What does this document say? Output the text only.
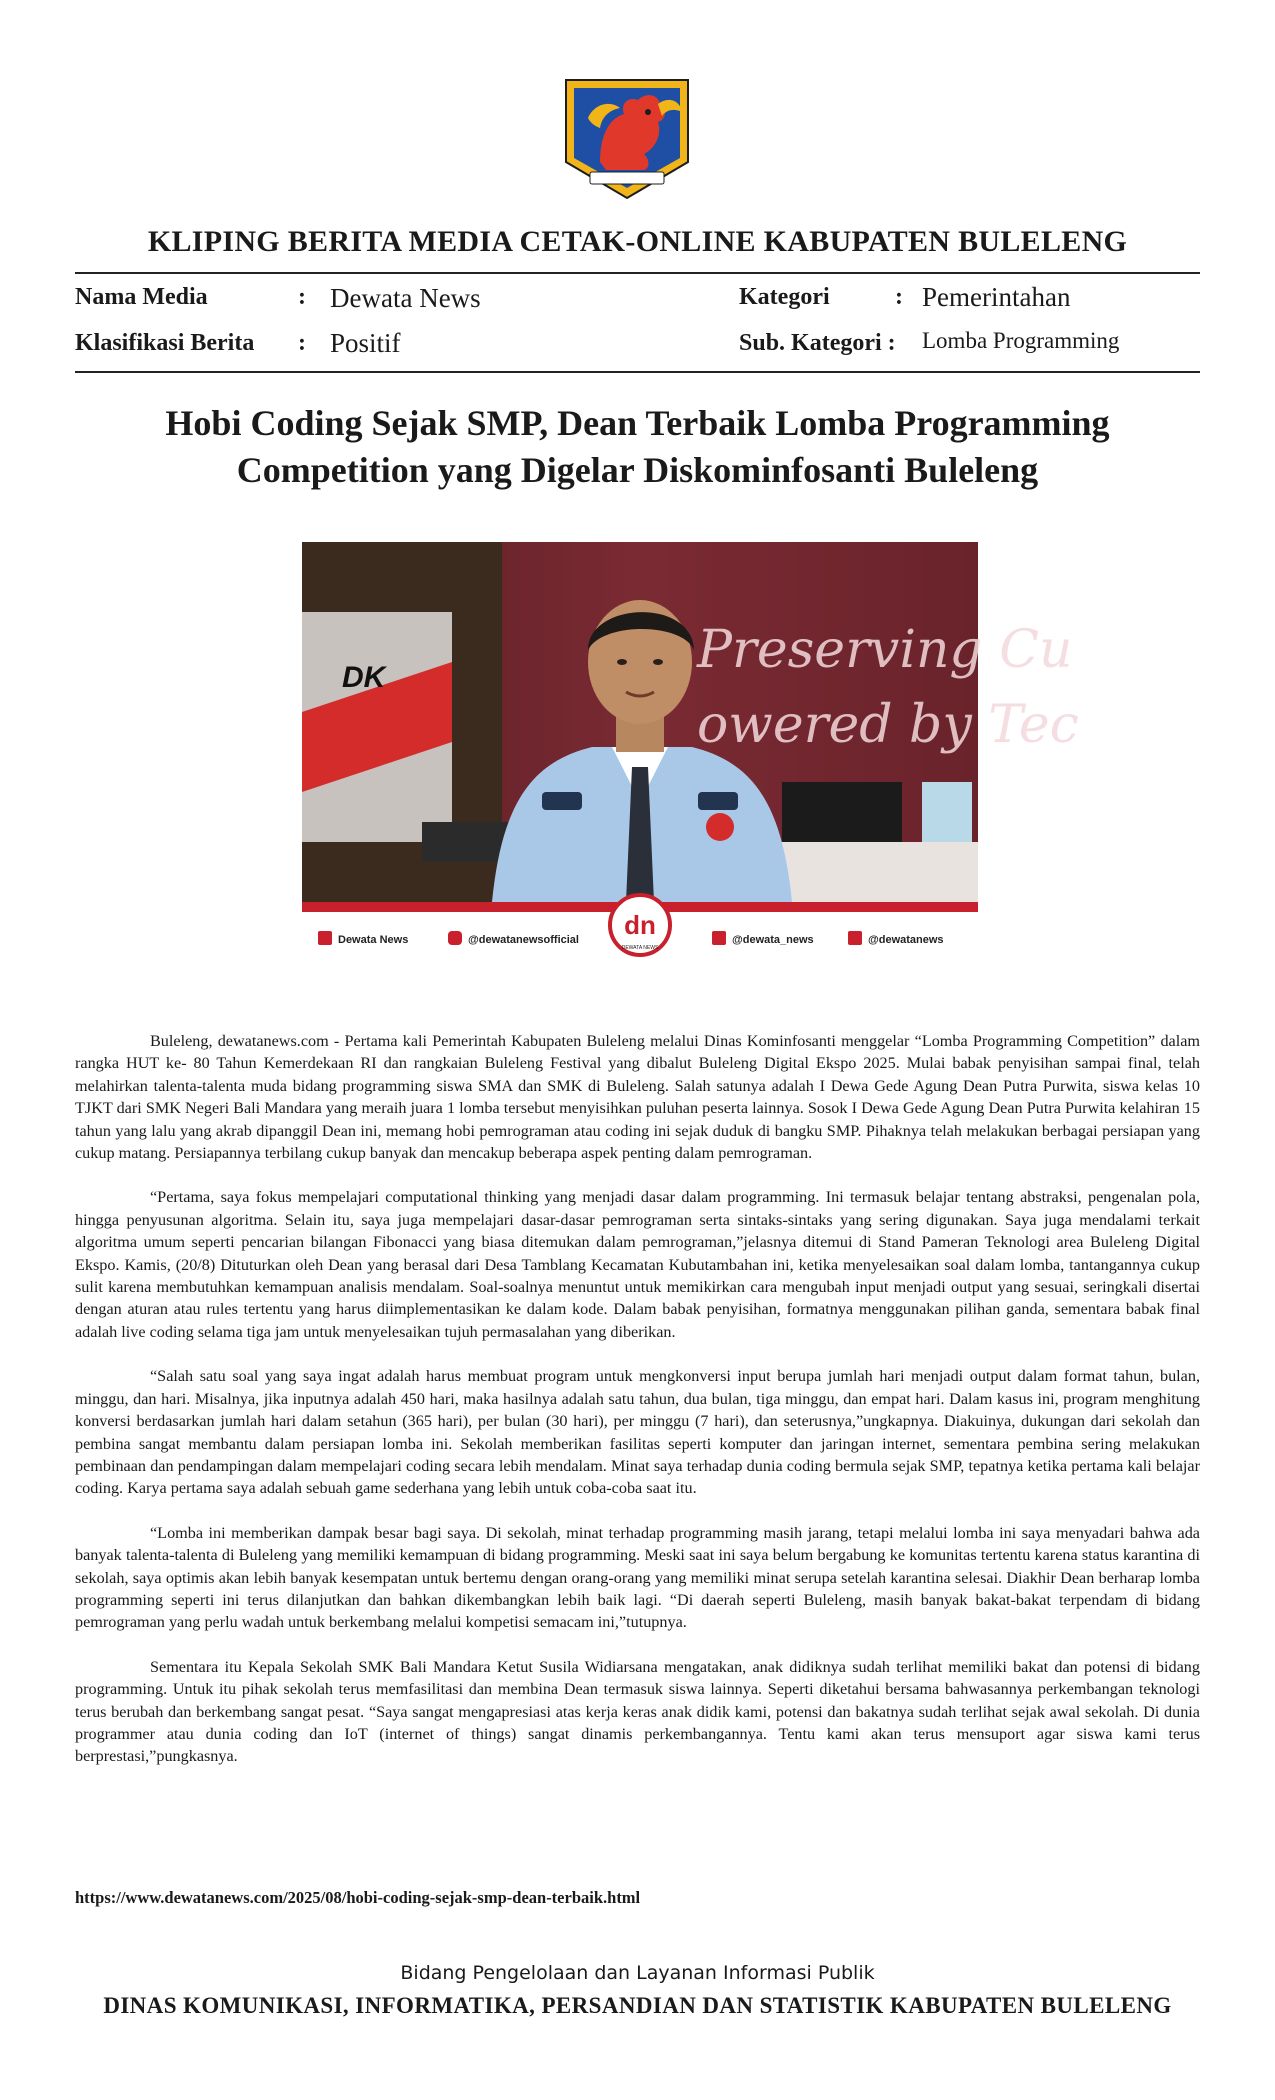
KLIPING BERITA MEDIA CETAK-ONLINE KABUPATEN BULELENG
Nama Media	: Dewata News
Klasifikasi Berita : Positif
Kategori	: Pemerintahan
Sub. Kategori : Lomba Programming
Hobi Coding Sejak SMP, Dean Terbaik Lomba Programming
Competition yang Digelar Diskominfosanti Buleleng
DK	Preserving Cu
owered by Tec
dn
DEWATA NEWS
Dewata News	@dewatanewsofficial	@dewata_news	@dewatanews

Buleleng, dewatanews.com - Pertama kali Pemerintah Kabupaten Buleleng melalui Dinas Kominfosanti menggelar “Lomba Programming Competition” dalam rangka HUT ke- 80 Tahun Kemerdekaan RI dan rangkaian Buleleng Festival yang dibalut Buleleng Digital Ekspo 2025. Mulai babak penyisihan sampai final, telah melahirkan talenta-talenta muda bidang programming siswa SMA dan SMK di Buleleng. Salah satunya adalah I Dewa Gede Agung Dean Putra Purwita, siswa kelas 10 TJKT dari SMK Negeri Bali Mandara yang meraih juara 1 lomba tersebut menyisihkan puluhan peserta lainnya. Sosok I Dewa Gede Agung Dean Putra Purwita kelahiran 15 tahun yang lalu yang akrab dipanggil Dean ini, memang hobi pemrograman atau coding ini sejak duduk di bangku SMP. Pihaknya telah melakukan berbagai persiapan yang cukup matang. Persiapannya terbilang cukup banyak dan mencakup beberapa aspek penting dalam pemrograman.

“Pertama, saya fokus mempelajari computational thinking yang menjadi dasar dalam programming. Ini termasuk belajar tentang abstraksi, pengenalan pola, hingga penyusunan algoritma. Selain itu, saya juga mempelajari dasar-dasar pemrograman serta sintaks-sintaks yang sering digunakan. Saya juga mendalami terkait algoritma umum seperti pencarian bilangan Fibonacci yang biasa ditemukan dalam pemrograman,”jelasnya ditemui di Stand Pameran Teknologi area Buleleng Digital Ekspo. Kamis, (20/8) Dituturkan oleh Dean yang berasal dari Desa Tamblang Kecamatan Kubutambahan ini, ketika menyelesaikan soal dalam lomba, tantangannya cukup sulit karena membutuhkan kemampuan analisis mendalam. Soal-soalnya menuntut untuk memikirkan cara mengubah input menjadi output yang sesuai, seringkali disertai dengan aturan atau rules tertentu yang harus diimplementasikan ke dalam kode. Dalam babak penyisihan, formatnya menggunakan pilihan ganda, sementara babak final adalah live coding selama tiga jam untuk menyelesaikan tujuh permasalahan yang diberikan.

“Salah satu soal yang saya ingat adalah harus membuat program untuk mengkonversi input berupa jumlah hari menjadi output dalam format tahun, bulan, minggu, dan hari. Misalnya, jika inputnya adalah 450 hari, maka hasilnya adalah satu tahun, dua bulan, tiga minggu, dan empat hari. Dalam kasus ini, program menghitung konversi berdasarkan jumlah hari dalam setahun (365 hari), per bulan (30 hari), per minggu (7 hari), dan seterusnya,”ungkapnya. Diakuinya, dukungan dari sekolah dan pembina sangat membantu dalam persiapan lomba ini. Sekolah memberikan fasilitas seperti komputer dan jaringan internet, sementara pembina sering melakukan pembinaan dan pendampingan dalam mempelajari coding secara lebih mendalam. Minat saya terhadap dunia coding bermula sejak SMP, tepatnya ketika pertama kali belajar coding. Karya pertama saya adalah sebuah game sederhana yang lebih untuk coba-coba saat itu.

“Lomba ini memberikan dampak besar bagi saya. Di sekolah, minat terhadap programming masih jarang, tetapi melalui lomba ini saya menyadari bahwa ada banyak talenta-talenta di Buleleng yang memiliki kemampuan di bidang programming. Meski saat ini saya belum bergabung ke komunitas tertentu karena status karantina di sekolah, saya optimis akan lebih banyak kesempatan untuk bertemu dengan orang-orang yang memiliki minat serupa setelah karantina selesai. Diakhir Dean berharap lomba programming seperti ini terus dilanjutkan dan bahkan dikembangkan lebih baik lagi. “Di daerah seperti Buleleng, masih banyak bakat-bakat terpendam di bidang pemrograman yang perlu wadah untuk berkembang melalui kompetisi semacam ini,”tutupnya.

Sementara itu Kepala Sekolah SMK Bali Mandara Ketut Susila Widiarsana mengatakan, anak didiknya sudah terlihat memiliki bakat dan potensi di bidang programming. Untuk itu pihak sekolah terus memfasilitasi dan membina Dean termasuk siswa lainnya. Seperti diketahui bersama bahwasannya perkembangan teknologi terus berubah dan berkembang sangat pesat. “Saya sangat mengapresiasi atas kerja keras anak didik kami, potensi dan bakatnya sudah terlihat sejak awal sekolah. Di dunia programmer atau dunia coding dan IoT (internet of things) sangat dinamis perkembangannya. Tentu kami akan terus mensuport agar siswa kami terus berprestasi,”pungkasnya.

https://www.dewatanews.com/2025/08/hobi-coding-sejak-smp-dean-terbaik.html
Bidang Pengelolaan dan Layanan Informasi Publik
DINAS KOMUNIKASI, INFORMATIKA, PERSANDIAN DAN STATISTIK KABUPATEN BULELENG
